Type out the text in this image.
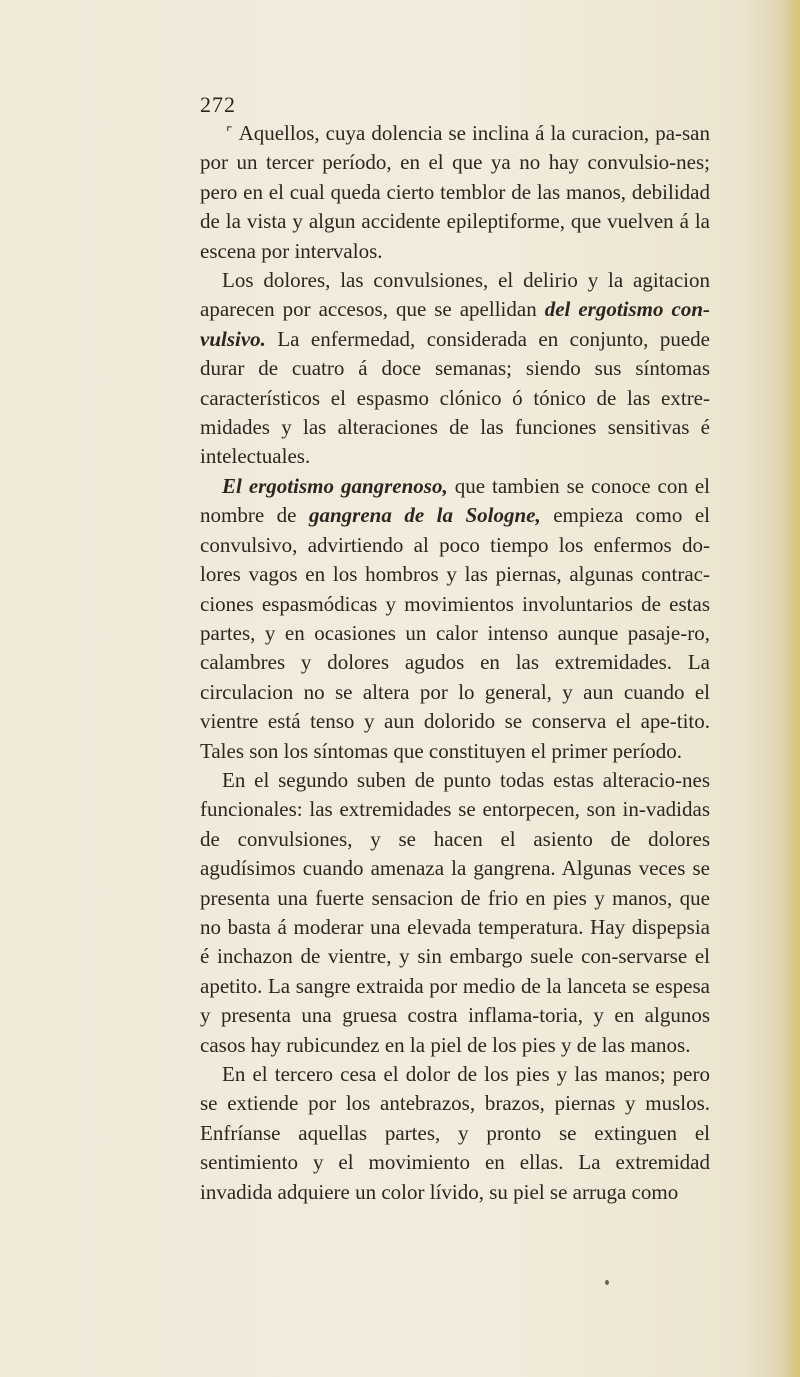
272

⌜ Aquellos, cuya dolencia se inclina á la curacion, pa-san por un tercer período, en el que ya no hay convulsio-nes; pero en el cual queda cierto temblor de las manos, debilidad de la vista y algun accidente epileptiforme, que vuelven á la escena por intervalos.

Los dolores, las convulsiones, el delirio y la agitacion aparecen por accesos, que se apellidan del ergotismo con-vulsivo. La enfermedad, considerada en conjunto, puede durar de cuatro á doce semanas; siendo sus síntomas característicos el espasmo clónico ó tónico de las extre-midades y las alteraciones de las funciones sensitivas é intelectuales.

El ergotismo gangrenoso, que tambien se conoce con el nombre de gangrena de la Sologne, empieza como el convulsivo, advirtiendo al poco tiempo los enfermos do-lores vagos en los hombros y las piernas, algunas contrac-ciones espasmódicas y movimientos involuntarios de estas partes, y en ocasiones un calor intenso aunque pasaje-ro, calambres y dolores agudos en las extremidades. La circulacion no se altera por lo general, y aun cuando el vientre está tenso y aun dolorido se conserva el ape-tito. Tales son los síntomas que constituyen el primer período.

En el segundo suben de punto todas estas alteracio-nes funcionales: las extremidades se entorpecen, son in-vadidas de convulsiones, y se hacen el asiento de dolores agudísimos cuando amenaza la gangrena. Algunas veces se presenta una fuerte sensacion de frio en pies y manos, que no basta á moderar una elevada temperatura. Hay dispepsia é inchazon de vientre, y sin embargo suele con-servarse el apetito. La sangre extraida por medio de la lanceta se espesa y presenta una gruesa costra inflama-toria, y en algunos casos hay rubicundez en la piel de los pies y de las manos.

En el tercero cesa el dolor de los pies y las manos; pero se extiende por los antebrazos, brazos, piernas y muslos. Enfríanse aquellas partes, y pronto se extinguen el sentimiento y el movimiento en ellas. La extremidad invadida adquiere un color lívido, su piel se arruga como
